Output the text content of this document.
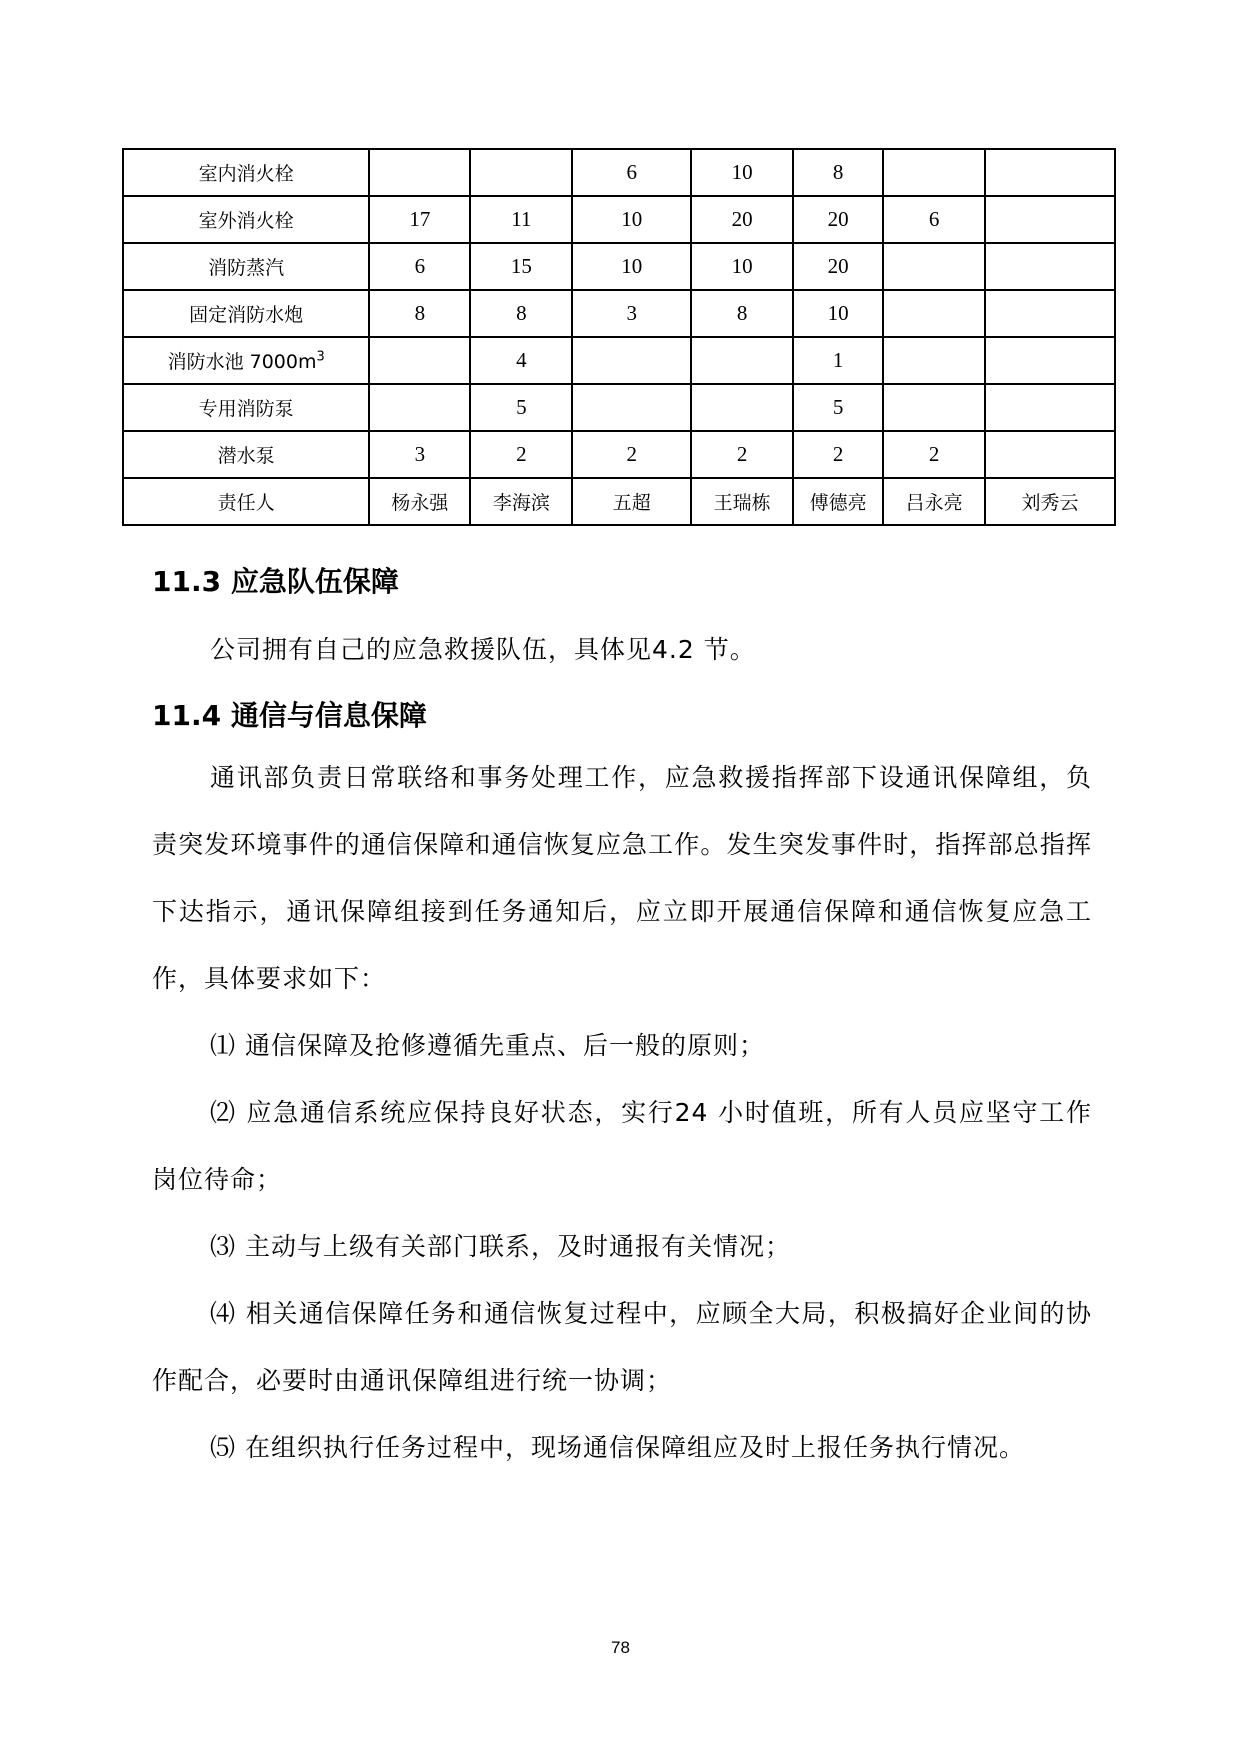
室内消火栓			6	10	8		
室外消火栓	17	11	10	20	20	6	
消防蒸汽	6	15	10	10	20		
固定消防水炮	8	8	3	8	10		
消防水池 $7000m^3$		4			1		
专用消防泵		5			5		
潜水泵	3	2	2	2	2	2	
责任人	杨永强	李海滨	五超	王瑞栋	傅德亮	吕永亮	刘秀云
11.3 应急队伍保障
公司拥有自己的应急救援队伍，具体见4.2 节。
11.4 通信与信息保障
通讯部负责日常联络和事务处理工作，应急救援指挥部下设通讯保障组，负责突发环境事件的通信保障和通信恢复应急工作。发生突发事件时，指挥部总指挥下达指示，通讯保障组接到任务通知后，应立即开展通信保障和通信恢复应急工作，具体要求如下：
⑴ 通信保障及抢修遵循先重点、后一般的原则；
⑵ 应急通信系统应保持良好状态，实行24 小时值班，所有人员应坚守工作岗位待命；
⑶ 主动与上级有关部门联系，及时通报有关情况；
⑷ 相关通信保障任务和通信恢复过程中，应顾全大局，积极搞好企业间的协作配合，必要时由通讯保障组进行统一协调；
⑸ 在组织执行任务过程中，现场通信保障组应及时上报任务执行情况。
78
